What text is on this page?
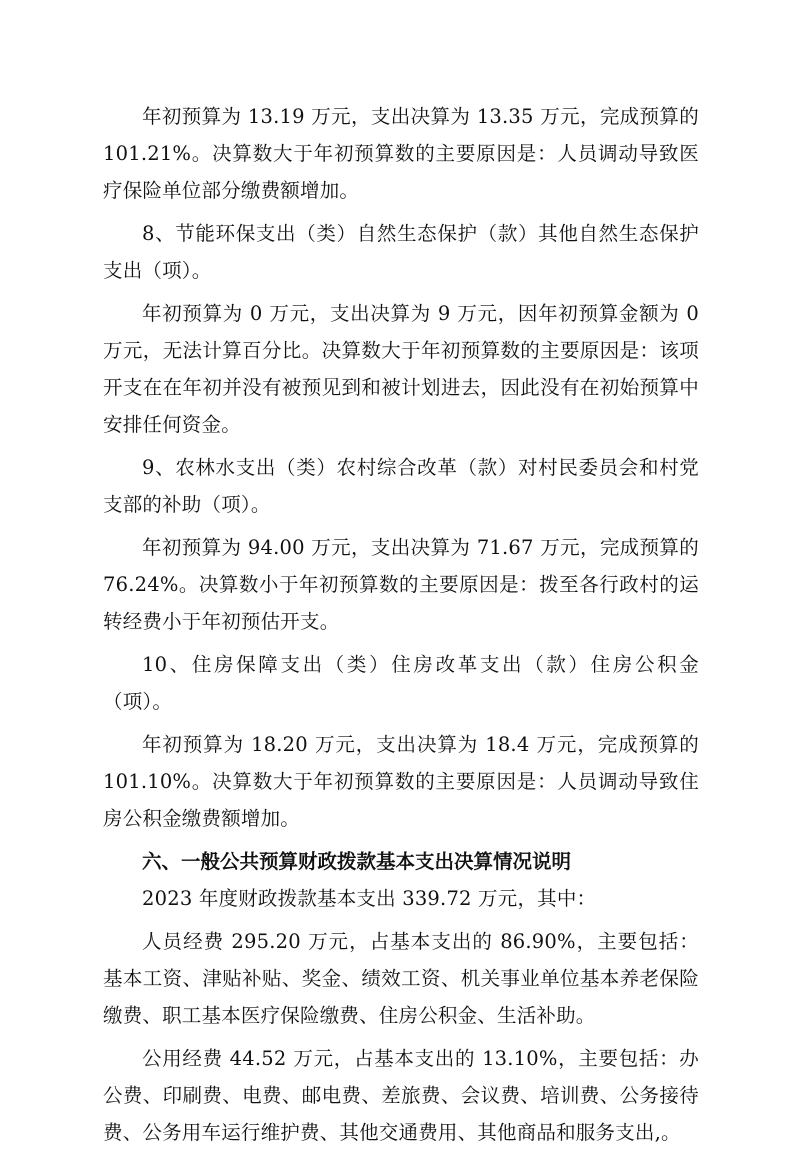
年初预算为 13.19 万元，支出决算为 13.35 万元，完成预算的 101.21%。决算数大于年初预算数的主要原因是：人员调动导致医疗保险单位部分缴费额增加。

8、节能环保支出（类）自然生态保护（款）其他自然生态保护支出（项）。

年初预算为 0 万元，支出决算为 9 万元，因年初预算金额为 0 万元，无法计算百分比。决算数大于年初预算数的主要原因是：该项开支在在年初并没有被预见到和被计划进去，因此没有在初始预算中安排任何资金。

9、农林水支出（类）农村综合改革（款）对村民委员会和村党支部的补助（项）。

年初预算为 94.00 万元，支出决算为 71.67 万元，完成预算的 76.24%。决算数小于年初预算数的主要原因是：拨至各行政村的运转经费小于年初预估开支。

10、住房保障支出（类）住房改革支出（款）住房公积金（项）。

年初预算为 18.20 万元，支出决算为 18.4 万元，完成预算的 101.10%。决算数大于年初预算数的主要原因是：人员调动导致住房公积金缴费额增加。

六、一般公共预算财政拨款基本支出决算情况说明

2023 年度财政拨款基本支出 339.72 万元，其中：

人员经费 295.20 万元，占基本支出的 86.90%，主要包括：基本工资、津贴补贴、奖金、绩效工资、机关事业单位基本养老保险缴费、职工基本医疗保险缴费、住房公积金、生活补助。

公用经费 44.52 万元，占基本支出的 13.10%，主要包括：办公费、印刷费、电费、邮电费、差旅费、会议费、培训费、公务接待费、公务用车运行维护费、其他交通费用、其他商品和服务支出,。
